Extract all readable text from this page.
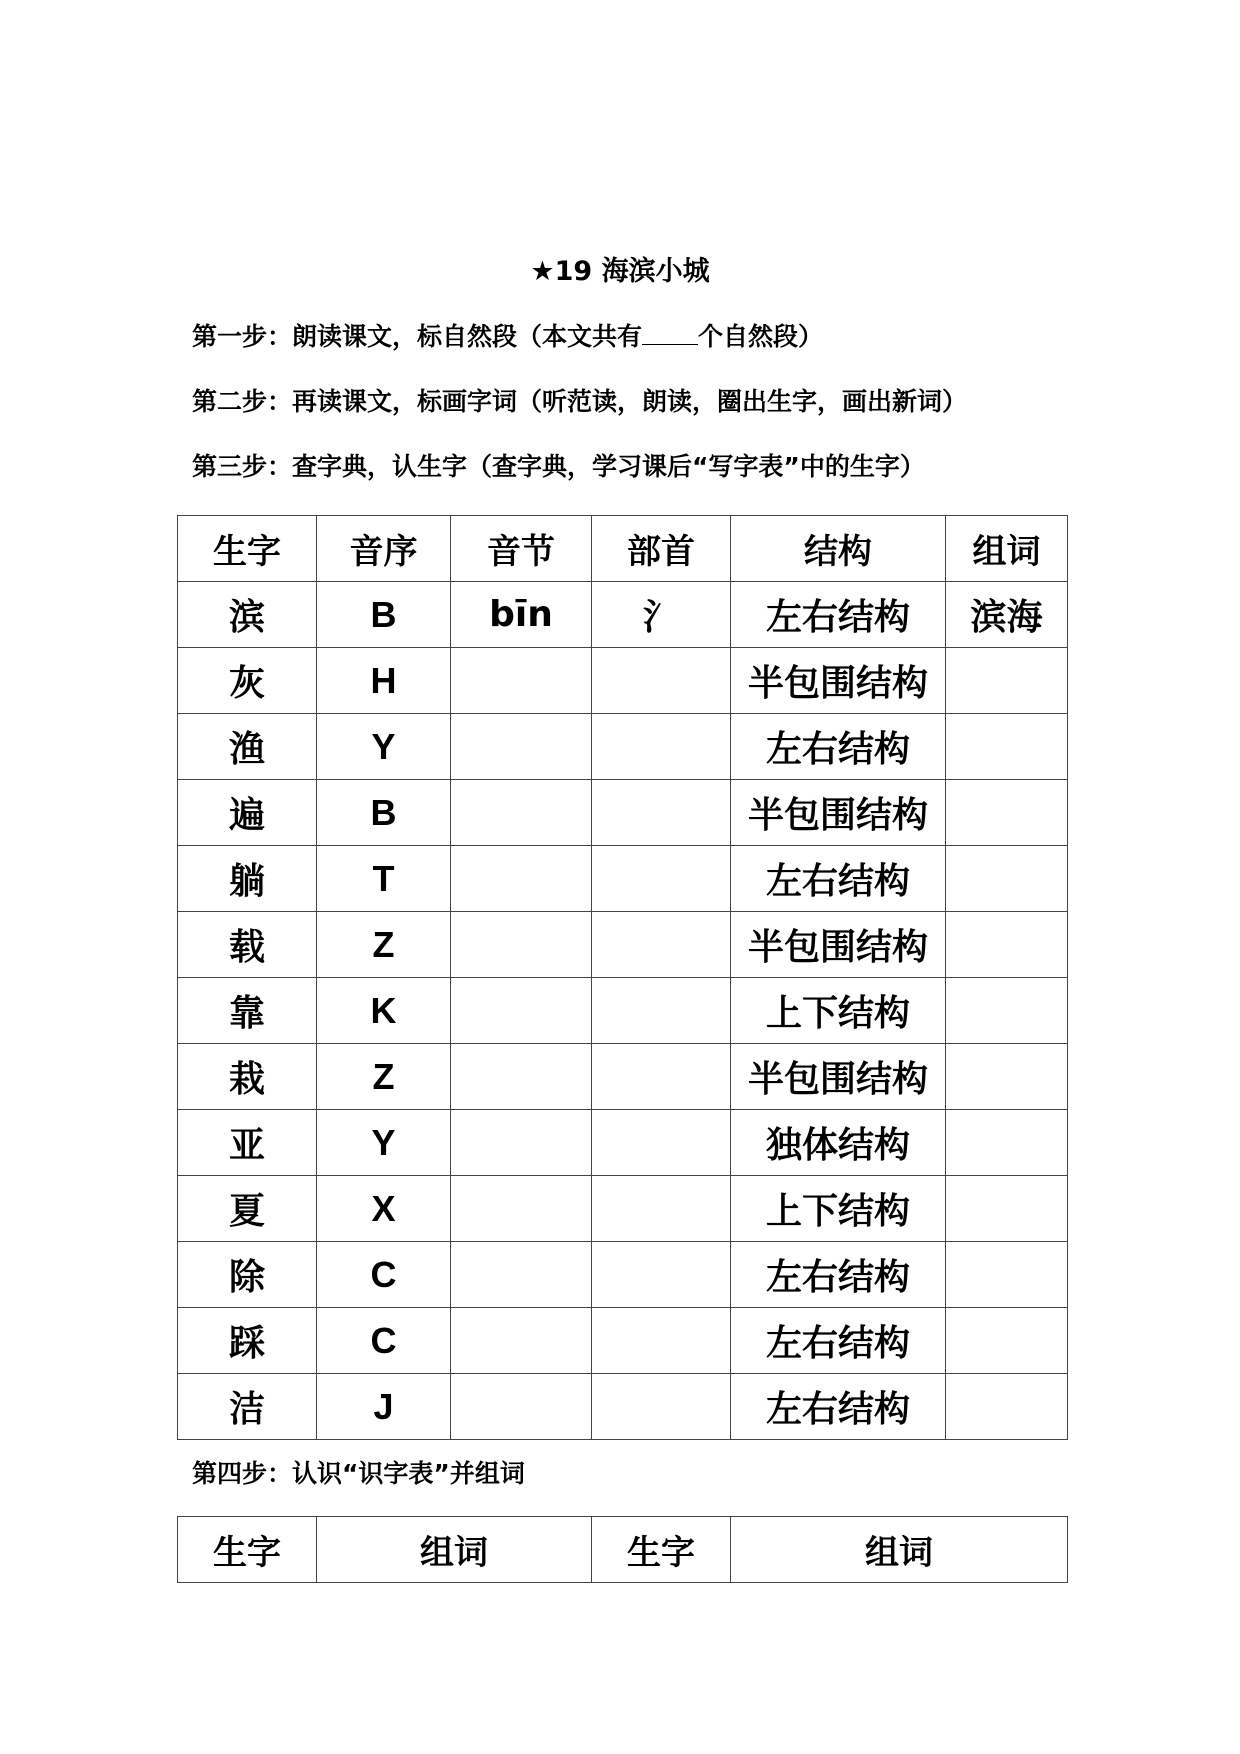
★19 海滨小城
第一步：朗读课文，标自然段（本文共有 个自然段）
第二步：再读课文，标画字词（听范读，朗读，圈出生字，画出新词）
第三步：查字典，认生字（查字典，学习课后“写字表”中的生字）
生字	音序	音节	部首	结构	组词
滨	B	bīn	氵	左右结构	滨海
灰	H			半包围结构	
渔	Y			左右结构	
遍	B			半包围结构	
躺	T			左右结构	
载	Z			半包围结构	
靠	K			上下结构	
栽	Z			半包围结构	
亚	Y			独体结构	
夏	X			上下结构	
除	C			左右结构	
踩	C			左右结构	
洁	J			左右结构	
第四步：认识“识字表”并组词
生字	组词	生字	组词
